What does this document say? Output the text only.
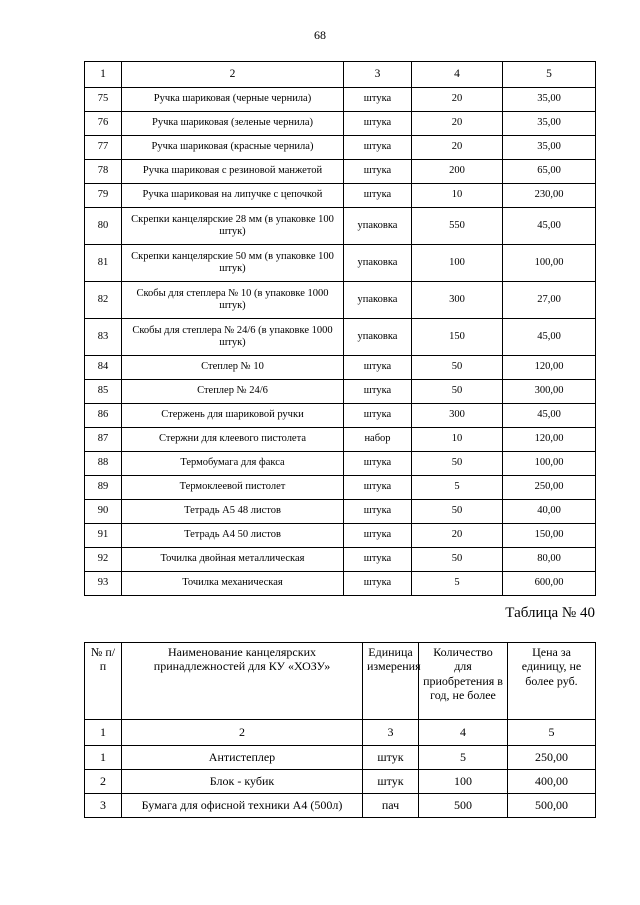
68
1	2	3	4	5
75	Ручка шариковая (черные чернила)	штука	20	35,00
76	Ручка шариковая (зеленые чернила)	штука	20	35,00
77	Ручка шариковая (красные чернила)	штука	20	35,00
78	Ручка шариковая с резиновой манжетой	штука	200	65,00
79	Ручка шариковая на липучке с цепочкой	штука	10	230,00
80	Скрепки канцелярские 28 мм (в упаковке 100 штук)	упаковка	550	45,00
81	Скрепки канцелярские 50 мм (в упаковке 100 штук)	упаковка	100	100,00
82	Скобы для степлера № 10 (в упаковке 1000 штук)	упаковка	300	27,00
83	Скобы для степлера № 24/6 (в упаковке 1000 штук)	упаковка	150	45,00
84	Степлер № 10	штука	50	120,00
85	Степлер № 24/6	штука	50	300,00
86	Стержень для шариковой ручки	штука	300	45,00
87	Стержни для клеевого пистолета	набор	10	120,00
88	Термобумага для факса	штука	50	100,00
89	Термоклеевой пистолет	штука	5	250,00
90	Тетрадь А5 48 листов	штука	50	40,00
91	Тетрадь А4 50 листов	штука	20	150,00
92	Точилка двойная металлическая	штука	50	80,00
93	Точилка механическая	штука	5	600,00
Таблица № 40
№ п/п	Наименование канцелярских принадлежностей для КУ «ХОЗУ»	Единица измерения	Количество для приобретения в год, не более	Цена за единицу, не более руб.
1	2	3	4	5
1	Антистеплер	штук	5	250,00
2	Блок - кубик	штук	100	400,00
3	Бумага для офисной техники А4 (500л)	пач	500	500,00
